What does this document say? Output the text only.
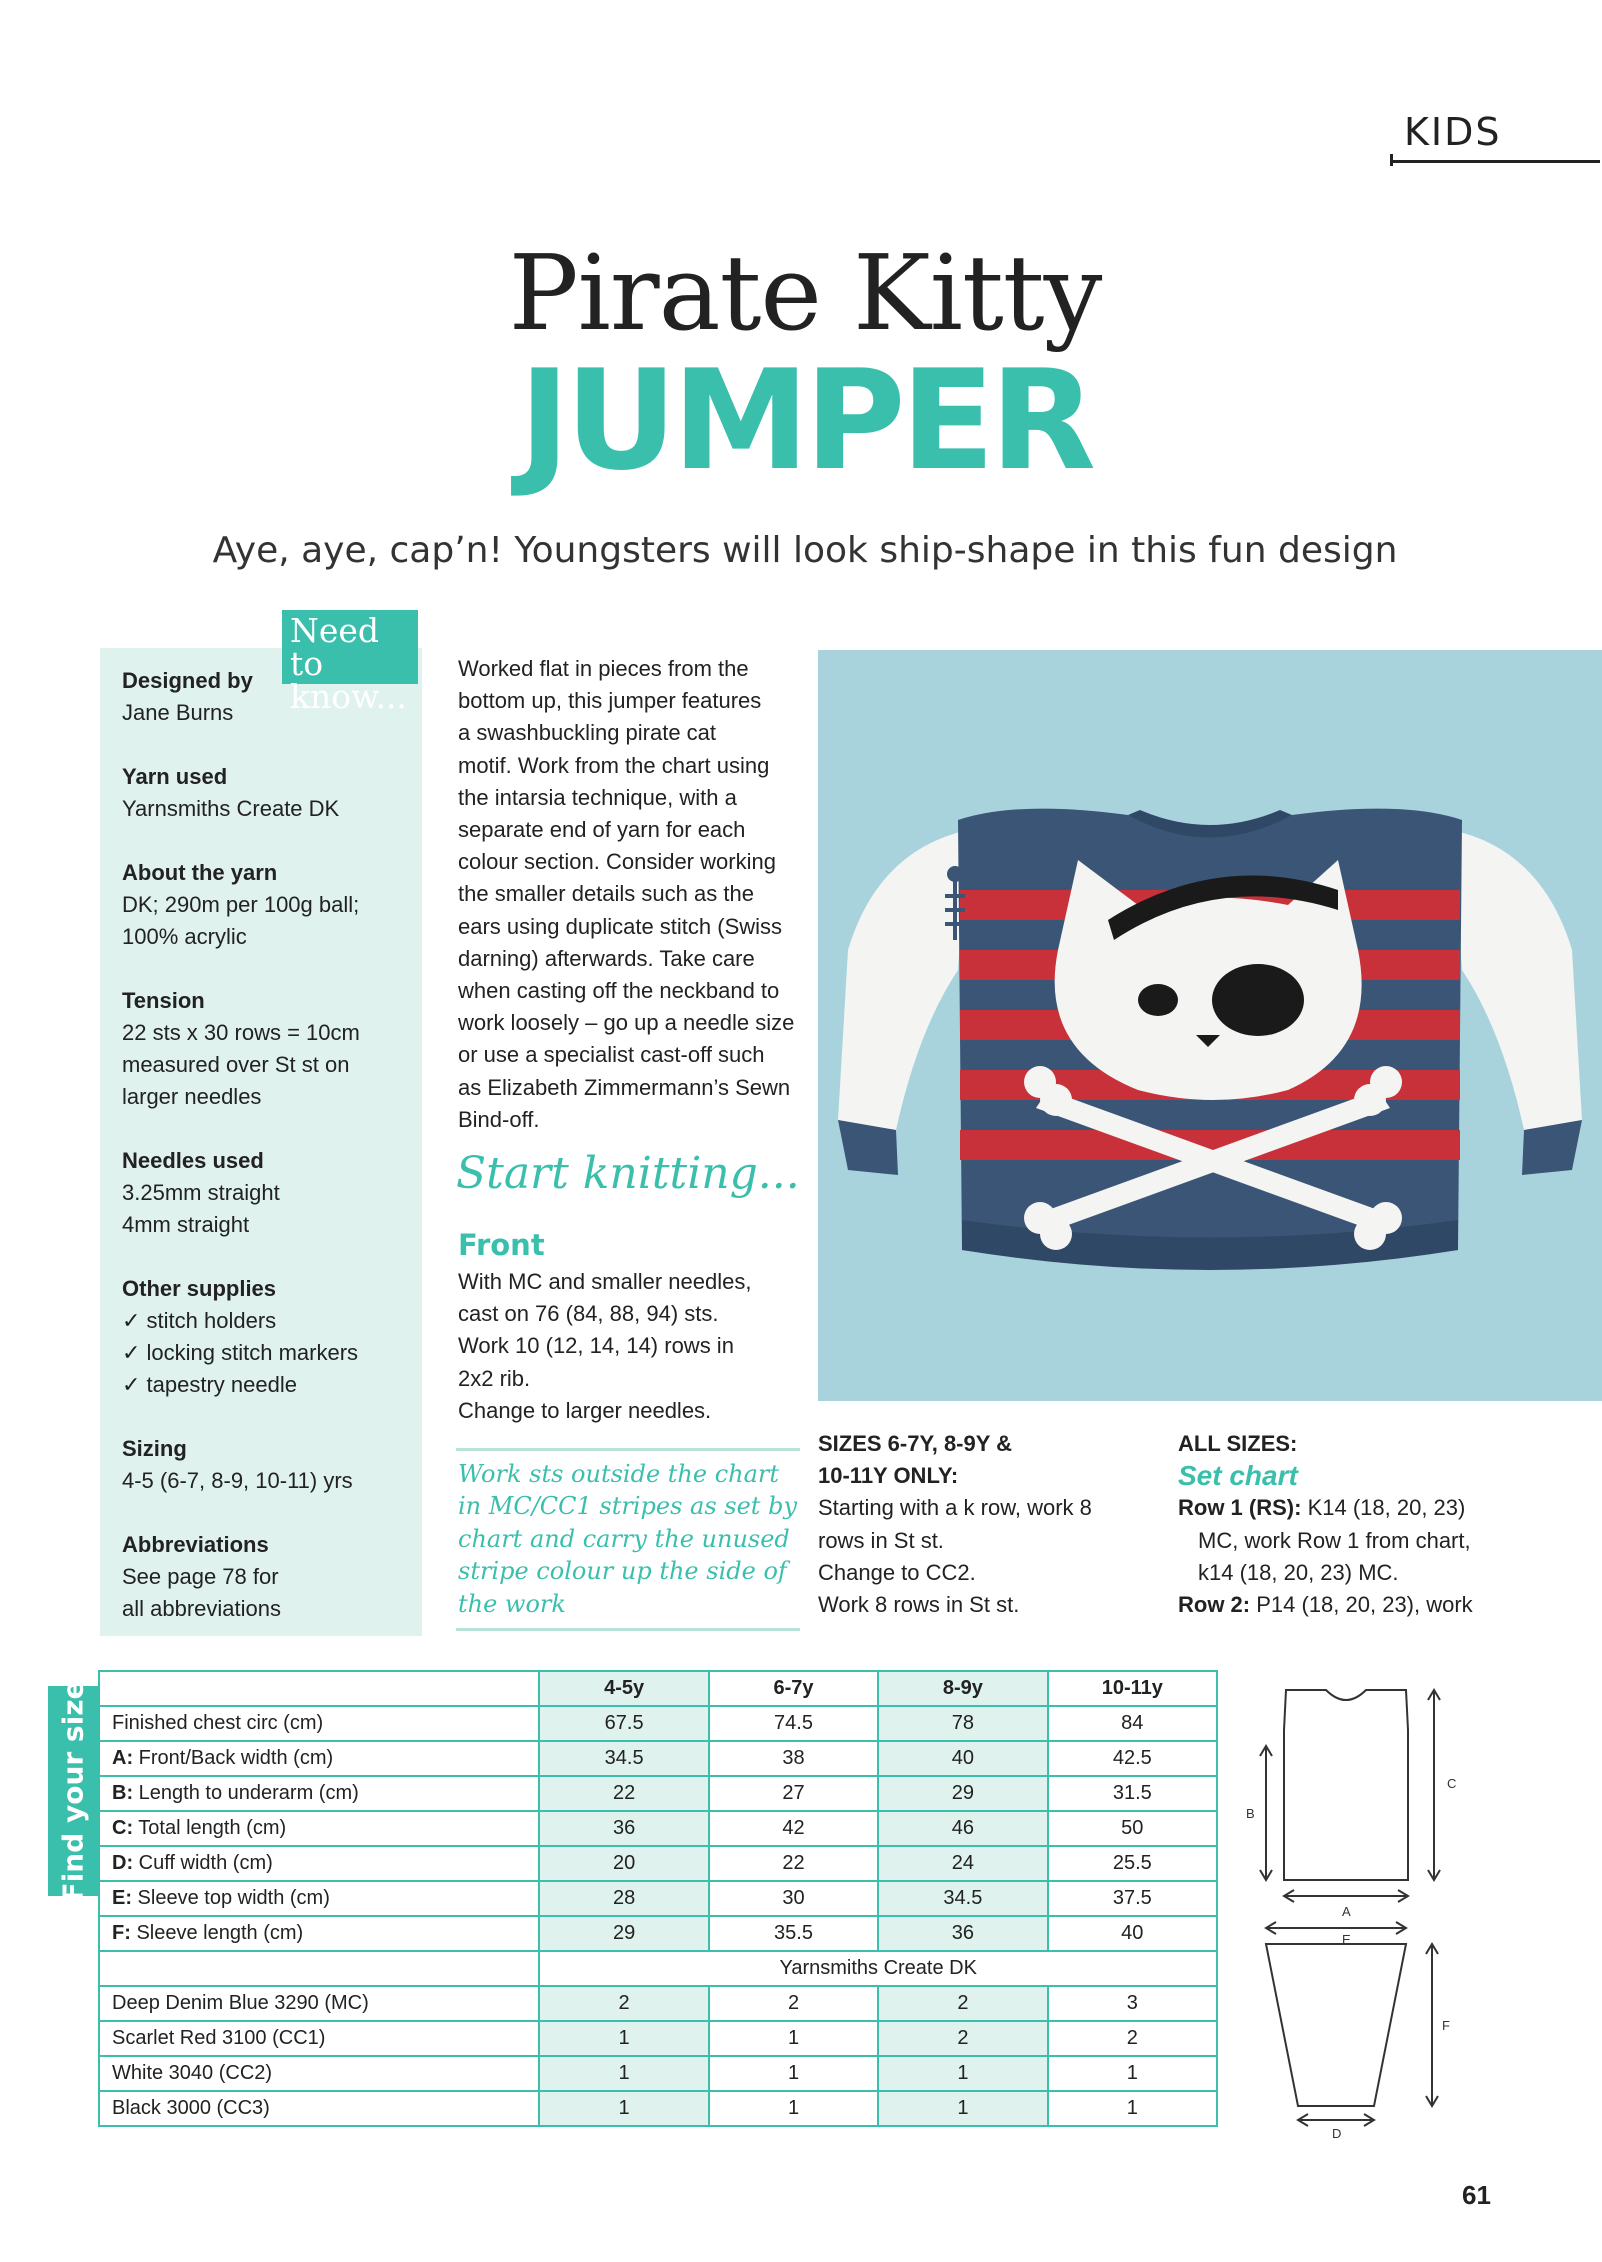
KIDS
Pirate Kitty
JUMPER
Aye, aye, cap’n! Youngsters will look ship-shape in this fun design
Need to
know...
Designed by
Jane Burns
Yarn used
Yarnsmiths Create DK
About the yarn
DK; 290m per 100g ball;
100% acrylic
Tension
22 sts x 30 rows = 10cm
measured over St st on
larger needles
Needles used
3.25mm straight
4mm straight
Other supplies
✓ stitch holders
✓ locking stitch markers
✓ tapestry needle
Sizing
4-5 (6-7, 8-9, 10-11) yrs
Abbreviations
See page 78 for
all abbreviations
Worked flat in pieces from the
bottom up, this jumper features
a swashbuckling pirate cat
motif. Work from the chart using
the intarsia technique, with a
separate end of yarn for each
colour section. Consider working
the smaller details such as the
ears using duplicate stitch (Swiss
darning) afterwards. Take care
when casting off the neckband to
work loosely – go up a needle size
or use a specialist cast-off such
as Elizabeth Zimmermann’s Sewn
Bind-off.
Start knitting...
Front
With MC and smaller needles,
cast on 76 (84, 88, 94) sts.
Work 10 (12, 14, 14) rows in
2x2 rib.
Change to larger needles.
Work sts outside the chart
in MC/CC1 stripes as set by
chart and carry the unused
stripe colour up the side of
the work
SIZES 6-7Y, 8-9Y &
10-11Y ONLY:
Starting with a k row, work 8
rows in St st.
Change to CC2.
Work 8 rows in St st.
ALL SIZES:
Set chart
Row 1 (RS): K14 (18, 20, 23)
MC, work Row 1 from chart,
k14 (18, 20, 23) MC.
Row 2: P14 (18, 20, 23), work
Find your size
		4-5y	6-7y	8-9y	10-11y
Finished chest circ (cm)	67.5	74.5	78	84
A: Front/Back width (cm)	34.5	38	40	42.5
B: Length to underarm (cm)	22	27	29	31.5
C: Total length (cm)	36	42	46	50
D: Cuff width (cm)	20	22	24	25.5
E: Sleeve top width (cm)	28	30	34.5	37.5
F: Sleeve length (cm)	29	35.5	36	40
	Yarnsmiths Create DK			
Deep Denim Blue 3290 (MC)	2	2	2	3
Scarlet Red 3100 (CC1)	1	1	2	2
White 3040 (CC2)	1	1	1	1
Black 3000 (CC3)	1	1	1	1
C
B
A
E
F
D
61
